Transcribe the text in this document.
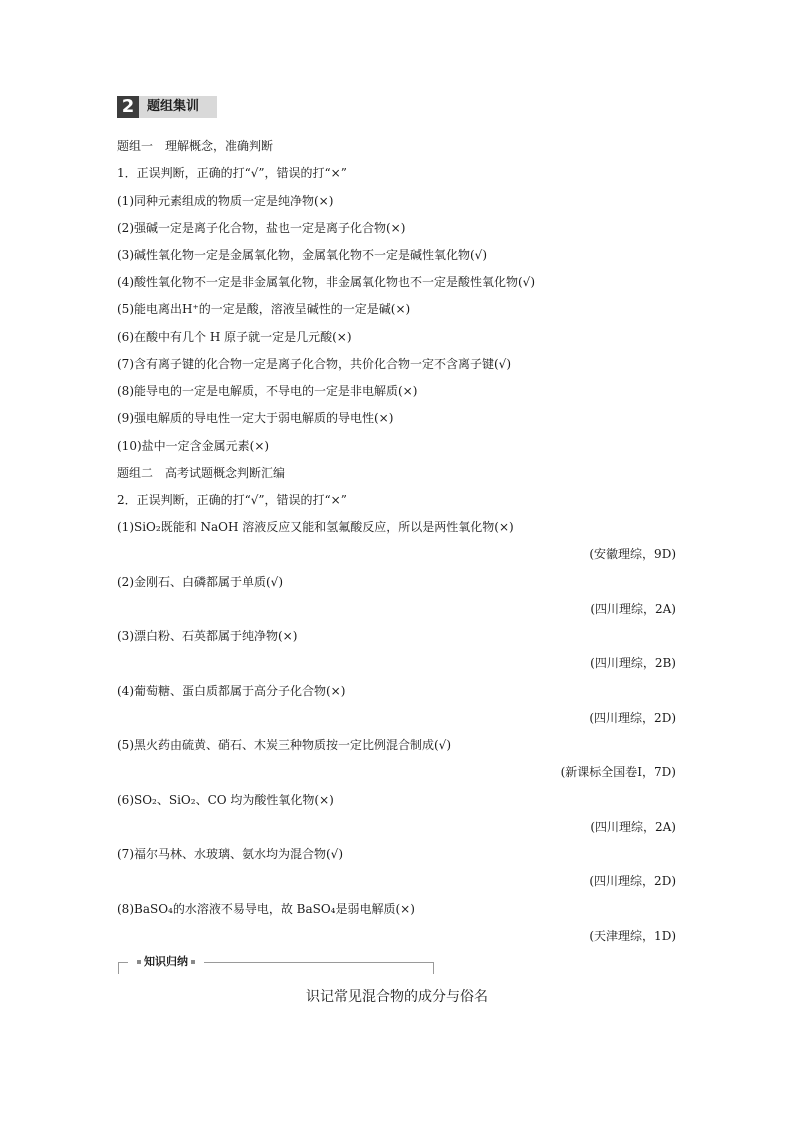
2 题组集训
题组一　理解概念，准确判断
1．正误判断，正确的打“√”，错误的打“×”
(1)同种元素组成的物质一定是纯净物(×)
(2)强碱一定是离子化合物，盐也一定是离子化合物(×)
(3)碱性氧化物一定是金属氧化物，金属氧化物不一定是碱性氧化物(√)
(4)酸性氧化物不一定是非金属氧化物，非金属氧化物也不一定是酸性氧化物(√)
(5)能电离出H⁺的一定是酸，溶液呈碱性的一定是碱(×)
(6)在酸中有几个 H 原子就一定是几元酸(×)
(7)含有离子键的化合物一定是离子化合物，共价化合物一定不含离子键(√)
(8)能导电的一定是电解质，不导电的一定是非电解质(×)
(9)强电解质的导电性一定大于弱电解质的导电性(×)
(10)盐中一定含金属元素(×)
题组二　高考试题概念判断汇编
2．正误判断，正确的打“√”，错误的打“×”
(1)SiO₂既能和 NaOH 溶液反应又能和氢氟酸反应，所以是两性氧化物(×)
(安徽理综，9D)
(2)金刚石、白磷都属于单质(√)
(四川理综，2A)
(3)漂白粉、石英都属于纯净物(×)
(四川理综，2B)
(4)葡萄糖、蛋白质都属于高分子化合物(×)
(四川理综，2D)
(5)黑火药由硫黄、硝石、木炭三种物质按一定比例混合制成(√)
(新课标全国卷Ⅰ，7D)
(6)SO₂、SiO₂、CO 均为酸性氧化物(×)
(四川理综，2A)
(7)福尔马林、水玻璃、氨水均为混合物(√)
(四川理综，2D)
(8)BaSO₄的水溶液不易导电，故 BaSO₄是弱电解质(×)
(天津理综，1D)
知识归纳
识记常见混合物的成分与俗名
